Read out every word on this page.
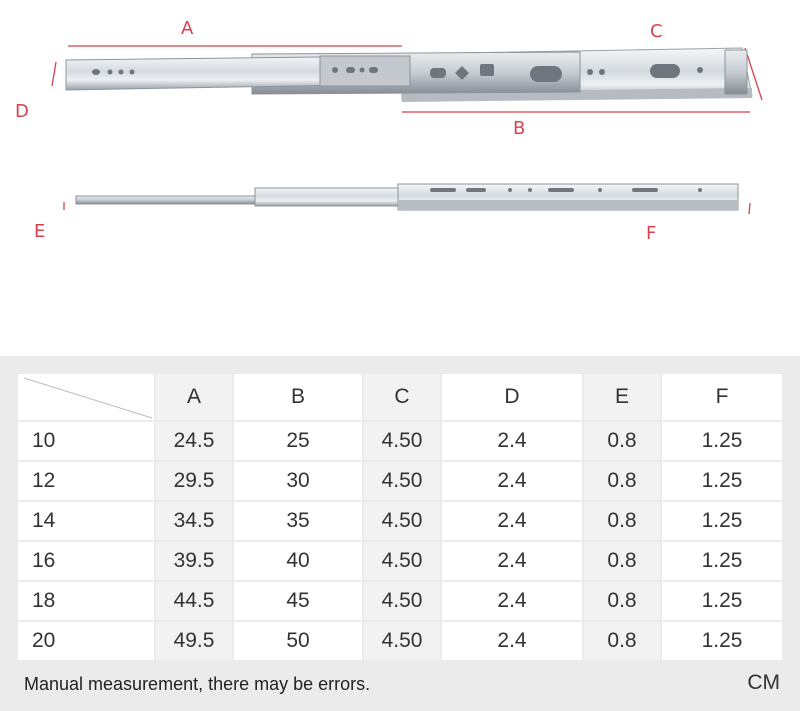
A	C
D
B
E	F
	A	B	C	D	E	F
10	24.5	25	4.50	2.4	0.8	1.25
12	29.5	30	4.50	2.4	0.8	1.25
14	34.5	35	4.50	2.4	0.8	1.25
16	39.5	40	4.50	2.4	0.8	1.25
18	44.5	45	4.50	2.4	0.8	1.25
20	49.5	50	4.50	2.4	0.8	1.25
Manual measurement, there may be errors.	CM
